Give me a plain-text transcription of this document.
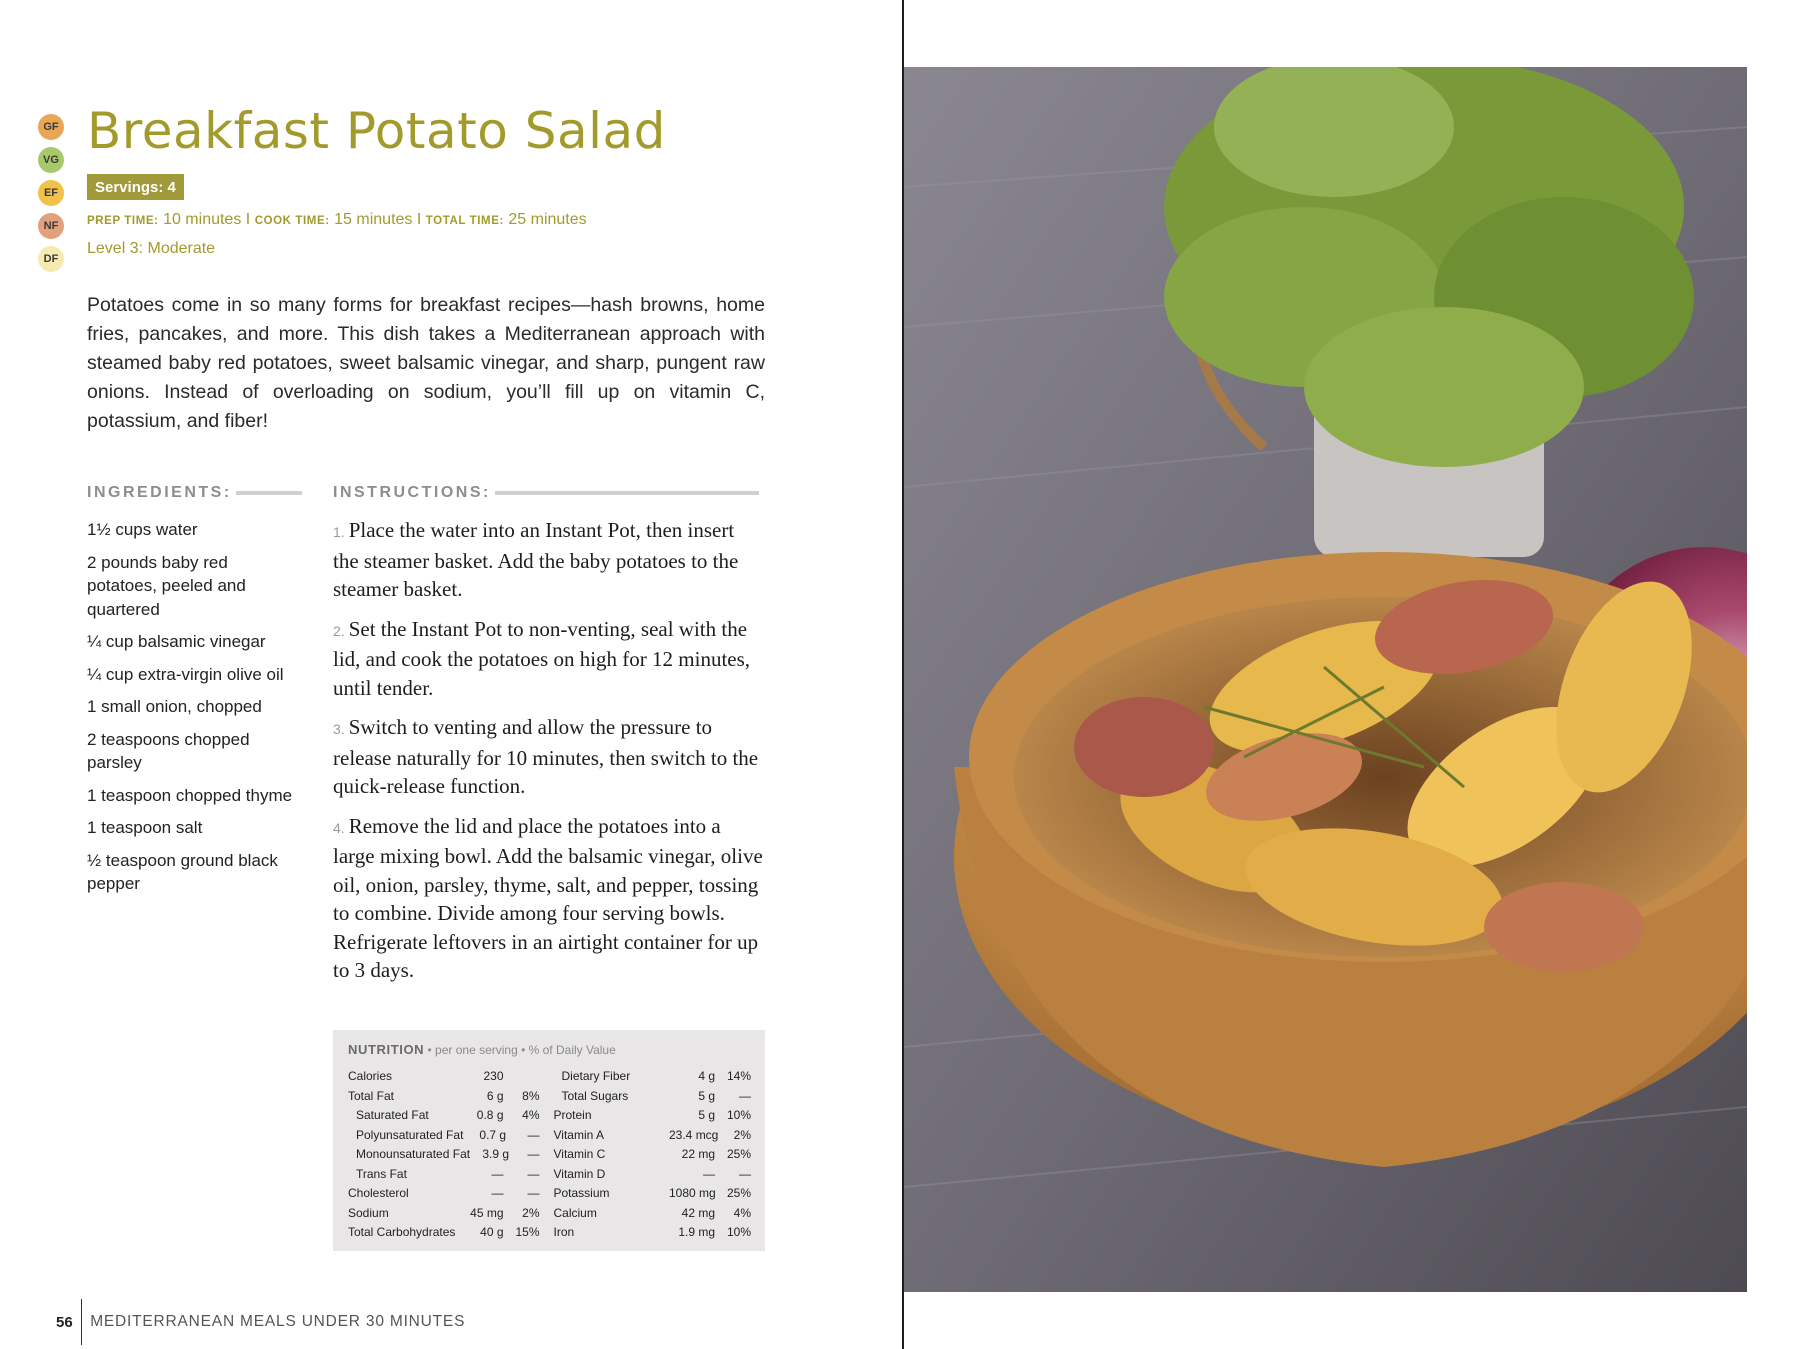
GF
VG
EF
NF
DF
Breakfast Potato Salad
Servings: 4
PREP TIME: 10 minutes I COOK TIME: 15 minutes I TOTAL TIME: 25 minutes
Level 3: Moderate

Potatoes come in so many forms for breakfast recipes—hash browns, home fries, pancakes, and more. This dish takes a Mediterranean approach with steamed baby red potatoes, sweet balsamic vinegar, and sharp, pungent raw onions. Instead of overloading on sodium, you’ll fill up on vitamin C, potassium, and fiber!

INGREDIENTS:
1½ cups water
2 pounds baby red potatoes, peeled and quartered
¼ cup balsamic vinegar
¼ cup extra-virgin olive oil
1 small onion, chopped
2 teaspoons chopped parsley
1 teaspoon chopped thyme
1 teaspoon salt
½ teaspoon ground black pepper
INSTRUCTIONS:
1. Place the water into an Instant Pot, then insert the steamer basket. Add the baby potatoes to the steamer basket.
2. Set the Instant Pot to non-venting, seal with the lid, and cook the potatoes on high for 12 minutes, until tender.
3. Switch to venting and allow the pressure to release naturally for 10 minutes, then switch to the quick-release function.
4. Remove the lid and place the potatoes into a large mixing bowl. Add the balsamic vinegar, olive oil, onion, parsley, thyme, salt, and pepper, tossing to combine. Divide among four serving bowls. Refrigerate leftovers in an airtight container for up to 3 days.
NUTRITION • per one serving • % of Daily Value
Calories	230
Total Fat	6 g	8%
Saturated Fat	0.8 g	4%
Polyunsaturated Fat	0.7 g	—
Monounsaturated Fat	3.9 g	—
Trans Fat	—	—
Cholesterol	—	—
Sodium	45 mg	2%
Total Carbohydrates	40 g 15%
Dietary Fiber	4 g 14%
Total Sugars	5 g	—
Protein	5 g 10%
Vitamin A	23.4 mcg	2%
Vitamin C	22 mg 25%
Vitamin D	—	—
Potassium	1080 mg 25%
Calcium	42 mg	4%
Iron	1.9 mg 10%
56	MEDITERRANEAN MEALS UNDER 30 MINUTES
